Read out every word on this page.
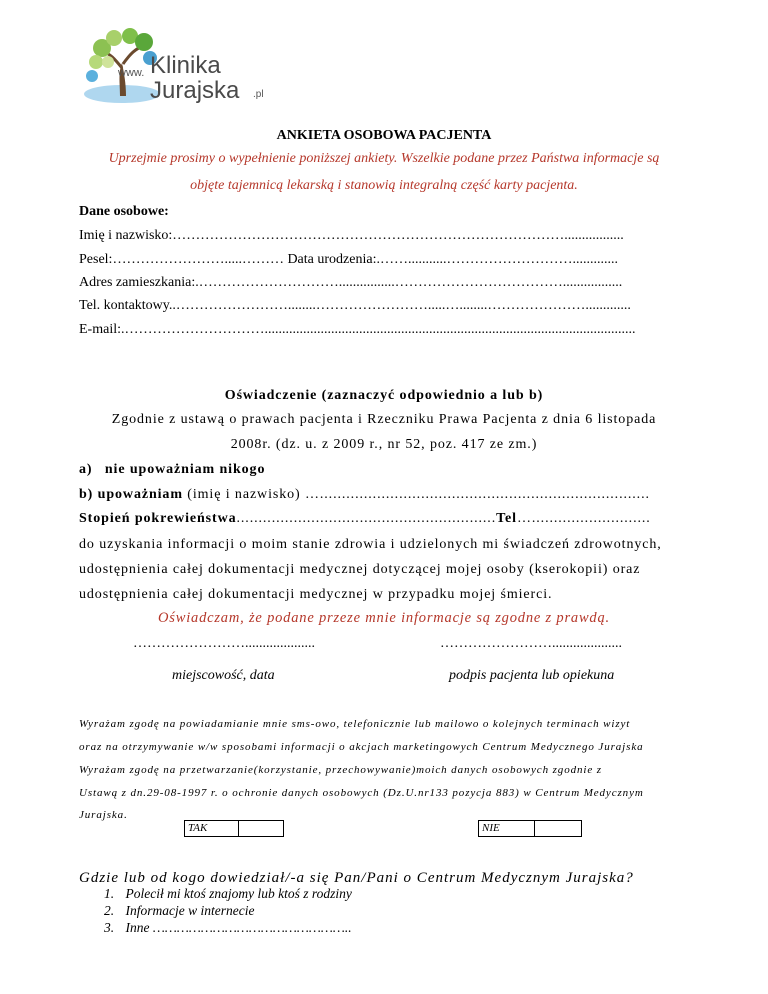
www. Klinika
Jurajska .pl
ANKIETA OSOBOWA PACJENTA
Uprzejmie prosimy o wypełnienie poniższej ankiety. Wszelkie podane przez Państwa informacje są
objęte tajemnicą lekarską i stanowią integralną część karty pacjenta.
Dane osobowe:
Imię i nazwisko:………………………………………………………………………….................
Pesel:…………………….....……… Data urodzenia:.……...........……………………….............
Adres zamieszkania:.…………………………................……………………………….................
Tel. kontaktowy..……………………........…………………….....…........………………….............
E-mail:.…………………………..........................................................................................................
Oświadczenie (zaznaczyć odpowiednio a lub b)
Zgodnie z ustawą o prawach pacjenta i Rzeczniku Prawa Pacjenta z dnia 6 listopada
2008r. (dz. u. z 2009 r., nr 52, poz. 417 ze zm.)
a) nie upoważniam nikogo
b) upoważniam (imię i nazwisko) …...........................................................................
Stopień pokrewieństwa...........................................................Tel…...........................
do uzyskania informacji o moim stanie zdrowia i udzielonych mi świadczeń zdrowotnych,
udostępnienia całej dokumentacji medycznej dotyczącej mojej osoby (kserokopii) oraz
udostępnienia całej dokumentacji medycznej w przypadku mojej śmierci.
Oświadczam, że podane przeze mnie informacje są zgodne z prawdą.
……………………....................	……………………....................
miejscowość, data	podpis pacjenta lub opiekuna
Wyrażam zgodę na powiadamianie mnie sms-owo, telefonicznie lub mailowo o kolejnych terminach wizyt
oraz na otrzymywanie w/w sposobami informacji o akcjach marketingowych Centrum Medycznego Jurajska
Wyrażam zgodę na przetwarzanie(korzystanie, przechowywanie)moich danych osobowych zgodnie z
Ustawą z dn.29-08-1997 r. o ochronie danych osobowych (Dz.U.nr133 pozycja 883) w Centrum Medycznym
Jurajska.
TAK	NIE
Gdzie lub od kogo dowiedział/-a się Pan/Pani o Centrum Medycznym Jurajska?
1. Polecił mi ktoś znajomy lub ktoś z rodziny
2. Informacje w internecie
3. Inne …………………………………………..
